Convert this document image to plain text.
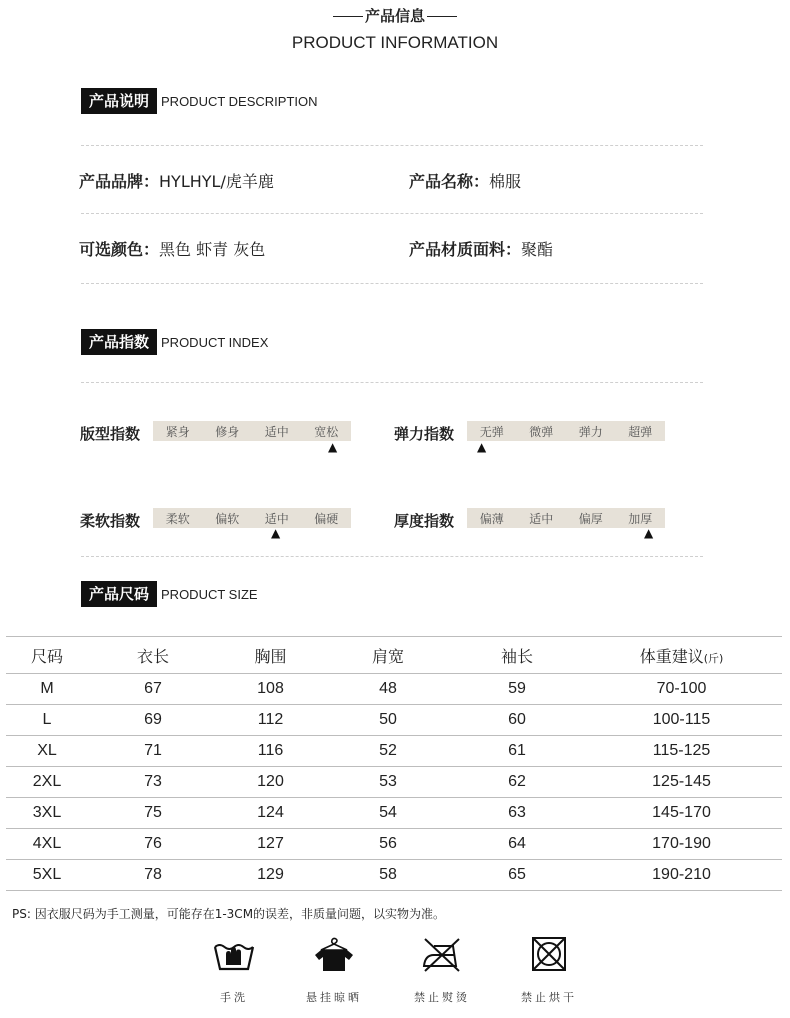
产品信息
PRODUCT INFORMATION
产品说明 PRODUCT DESCRIPTION
产品品牌：HYLHYL/虎羊鹿	产品名称：棉服
可选颜色：黑色 虾青 灰色	产品材质面料：聚酯
产品指数 PRODUCT INDEX
版型指数	紧身	修身	适中	宽松
▲
弹力指数	无弹	微弹	弹力	超弹
▲
柔软指数	柔软	偏软	适中	偏硬
▲
厚度指数	偏薄	适中	偏厚	加厚
▲
产品尺码 PRODUCT SIZE
尺码	衣长	胸围	肩宽	袖长	体重建议(斤)
M	67	108	48	59	70-100
L	69	112	50	60	100-115
XL	71	116	52	61	115-125
2XL	73	120	53	62	125-145
3XL	75	124	54	63	145-170
4XL	76	127	56	64	170-190
5XL	78	129	58	65	190-210
PS: 因衣服尺码为手工测量，可能存在1-3CM的误差，非质量问题，以实物为准。
手洗	悬挂晾晒	禁止熨烫	禁止烘干
